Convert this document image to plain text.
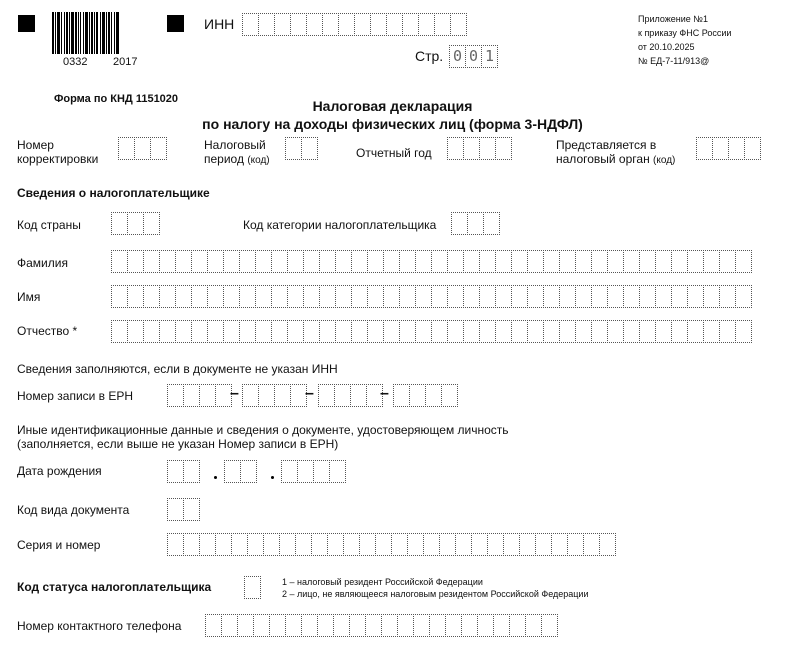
0332 2017
ИНН
Стр. 0 0 1
Приложение №1
к приказу ФНС России
от 20.10.2025
№ ЕД-7-11/913@
Форма по КНД 1151020	Налоговая декларация
по налогу на доходы физических лиц (форма 3-НДФЛ)
Номер
корректировки
Налоговый
период (код)
Отчетный год
Представляется в
налоговый орган (код)
Сведения о налогоплательщике
Код страны	Код категории налогоплательщика
Фамилия
Имя
Отчество *
Сведения заполняются, если в документе не указан ИНН
Номер записи в ЕРН	–	–	–
Иные идентификационные данные и сведения о документе, удостоверяющем личность
(заполняется, если выше не указан Номер записи в ЕРН)
Дата рождения
Код вида документа
Серия и номер
Код статуса налогоплательщика	1 – налоговый резидент Российской Федерации
2 – лицо, не являющееся налоговым резидентом Российской Федерации
Номер контактного телефона
